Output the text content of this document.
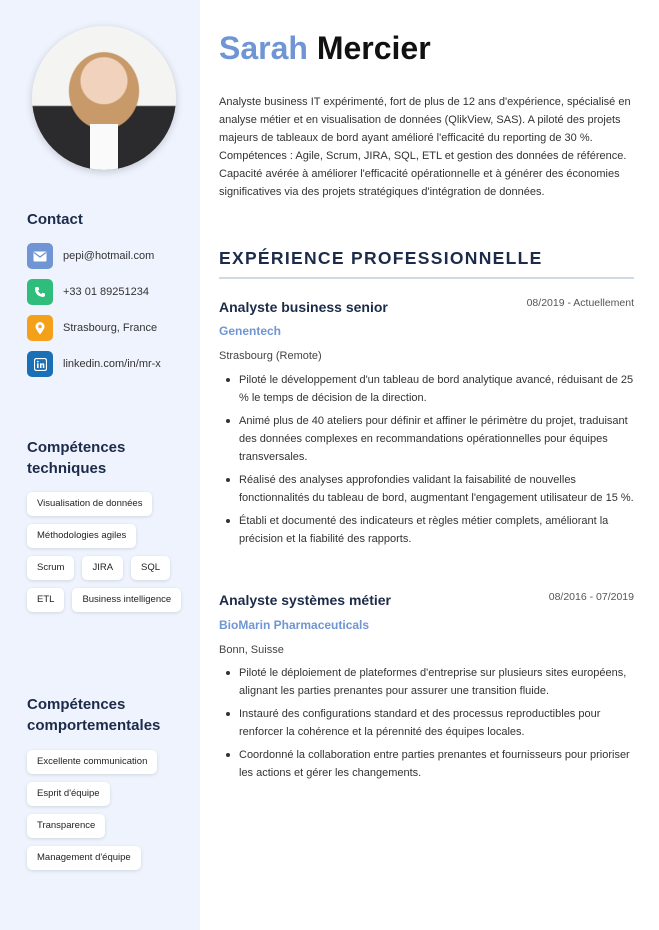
Contact
pepi@hotmail.com
+33 01 89251234
Strasbourg, France
linkedin.com/in/mr-x
Compétences
techniques
Visualisation de données
Méthodologies agiles
Scrum	JIRA	SQL
ETL	Business intelligence
Compétences
comportementales
Excellente communication
Esprit d'équipe
Transparence
Management d'équipe
Sarah Mercier

Analyste business IT expérimenté, fort de plus de 12 ans d'expérience, spécialisé en analyse métier et en visualisation de données (QlikView, SAS). A piloté des projets majeurs de tableaux de bord ayant amélioré l'efficacité du reporting de 30 %. Compétences : Agile, Scrum, JIRA, SQL, ETL et gestion des données de référence. Capacité avérée à améliorer l'efficacité opérationnelle et à générer des économies significatives via des projets stratégiques d'intégration de données.

EXPÉRIENCE PROFESSIONNELLE
Analyste business senior	08/2019 - Actuellement
Genentech
Strasbourg (Remote)
Piloté le développement d'un tableau de bord analytique avancé, réduisant de 25 % le temps de décision de la direction.
Animé plus de 40 ateliers pour définir et affiner le périmètre du projet, traduisant des données complexes en recommandations opérationnelles pour équipes transversales.
Réalisé des analyses approfondies validant la faisabilité de nouvelles fonctionnalités du tableau de bord, augmentant l'engagement utilisateur de 15 %.
Établi et documenté des indicateurs et règles métier complets, améliorant la précision et la fiabilité des rapports.
Analyste systèmes métier	08/2016 - 07/2019
BioMarin Pharmaceuticals
Bonn, Suisse
Piloté le déploiement de plateformes d'entreprise sur plusieurs sites européens, alignant les parties prenantes pour assurer une transition fluide.
Instauré des configurations standard et des processus reproductibles pour renforcer la cohérence et la pérennité des équipes locales.
Coordonné la collaboration entre parties prenantes et fournisseurs pour prioriser les actions et gérer les changements.
